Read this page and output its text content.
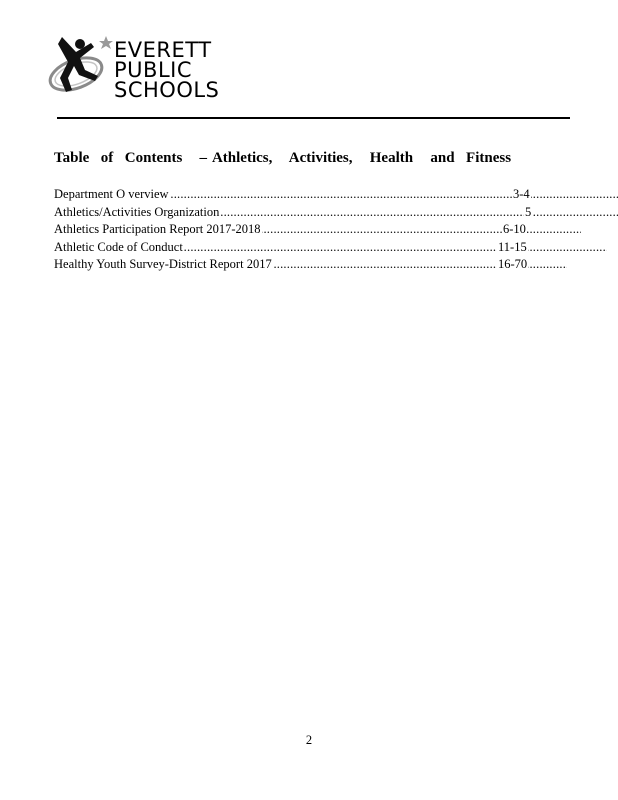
EVERETT
PUBLIC
SCHOOLS
Table  of  Contents   – Athletics,   Activities,   Health   and  Fitness
.....
Department O verview	3-4
.....
Athletics/Activities Organization	5
.....
Athletics Participation Report 2017-2018	6-10
.....
Athletic Code of Conduct	11-15
.....
Healthy Youth Survey-District Report 2017	16-70
2
